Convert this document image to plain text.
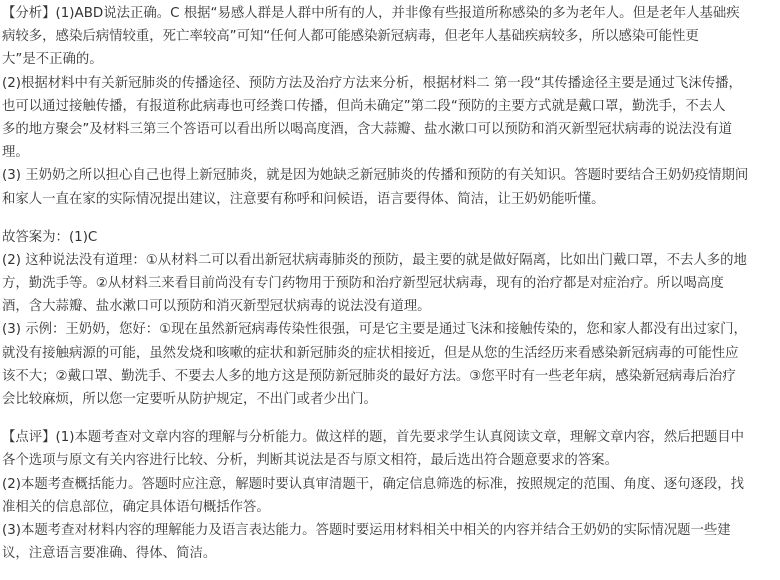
【分析】(1)ABD说法正确。C 根据“易感人群是人群中所有的人，并非像有些报道所称感染的多为老年人。但是老年人基础疾
病较多，感染后病情较重，死亡率较高”可知“任何人都可能感染新冠病毒，但老年人基础疾病较多，所以感染可能性更
大”是不正确的。
(2)根据材料中有关新冠肺炎的传播途径、预防方法及治疗方法来分析，根据材料二 第一段“其传播途径主要是通过飞沫传播，
也可以通过接触传播，有报道称此病毒也可经粪口传播，但尚未确定”第二段“预防的主要方式就是戴口罩，勤洗手，不去人
多的地方聚会”及材料三第三个答语可以看出所以喝高度酒，含大蒜瓣、盐水漱口可以预防和消灭新型冠状病毒的说法没有道
理。
(3) 王奶奶之所以担心自己也得上新冠肺炎，就是因为她缺乏新冠肺炎的传播和预防的有关知识。答题时要结合王奶奶疫情期间
和家人一直在家的实际情况提出建议，注意要有称呼和问候语，语言要得体、简洁，让王奶奶能听懂。
故答案为：(1)C
(2) 这种说法没有道理：①从材料二可以看出新冠状病毒肺炎的预防，最主要的就是做好隔离，比如出门戴口罩，不去人多的地
方，勤洗手等。②从材料三来看目前尚没有专门药物用于预防和治疗新型冠状病毒，现有的治疗都是对症治疗。所以喝高度
酒，含大蒜瓣、盐水漱口可以预防和消灭新型冠状病毒的说法没有道理。
(3) 示例：王奶奶，您好：①现在虽然新冠病毒传染性很强，可是它主要是通过飞沫和接触传染的，您和家人都没有出过家门，
就没有接触病源的可能，虽然发烧和咳嗽的症状和新冠肺炎的症状相接近，但是从您的生活经历来看感染新冠病毒的可能性应
该不大；②戴口罩、勤洗手、不要去人多的地方这是预防新冠肺炎的最好方法。③您平时有一些老年病，感染新冠病毒后治疗
会比较麻烦，所以您一定要听从防护规定，不出门或者少出门。
【点评】(1)本题考查对文章内容的理解与分析能力。做这样的题，首先要求学生认真阅读文章，理解文章内容，然后把题目中
各个选项与原文有关内容进行比较、分析，判断其说法是否与原文相符，最后选出符合题意要求的答案。
(2)本题考查概括能力。答题时应注意，解题时要认真审清题干，确定信息筛选的标准，按照规定的范围、角度、逐句逐段，找
准相关的信息部位，确定具体语句概括作答。
(3)本题考查对材料内容的理解能力及语言表达能力。答题时要运用材料相关中相关的内容并结合王奶奶的实际情况题一些建
议，注意语言要准确、得体、简洁。
